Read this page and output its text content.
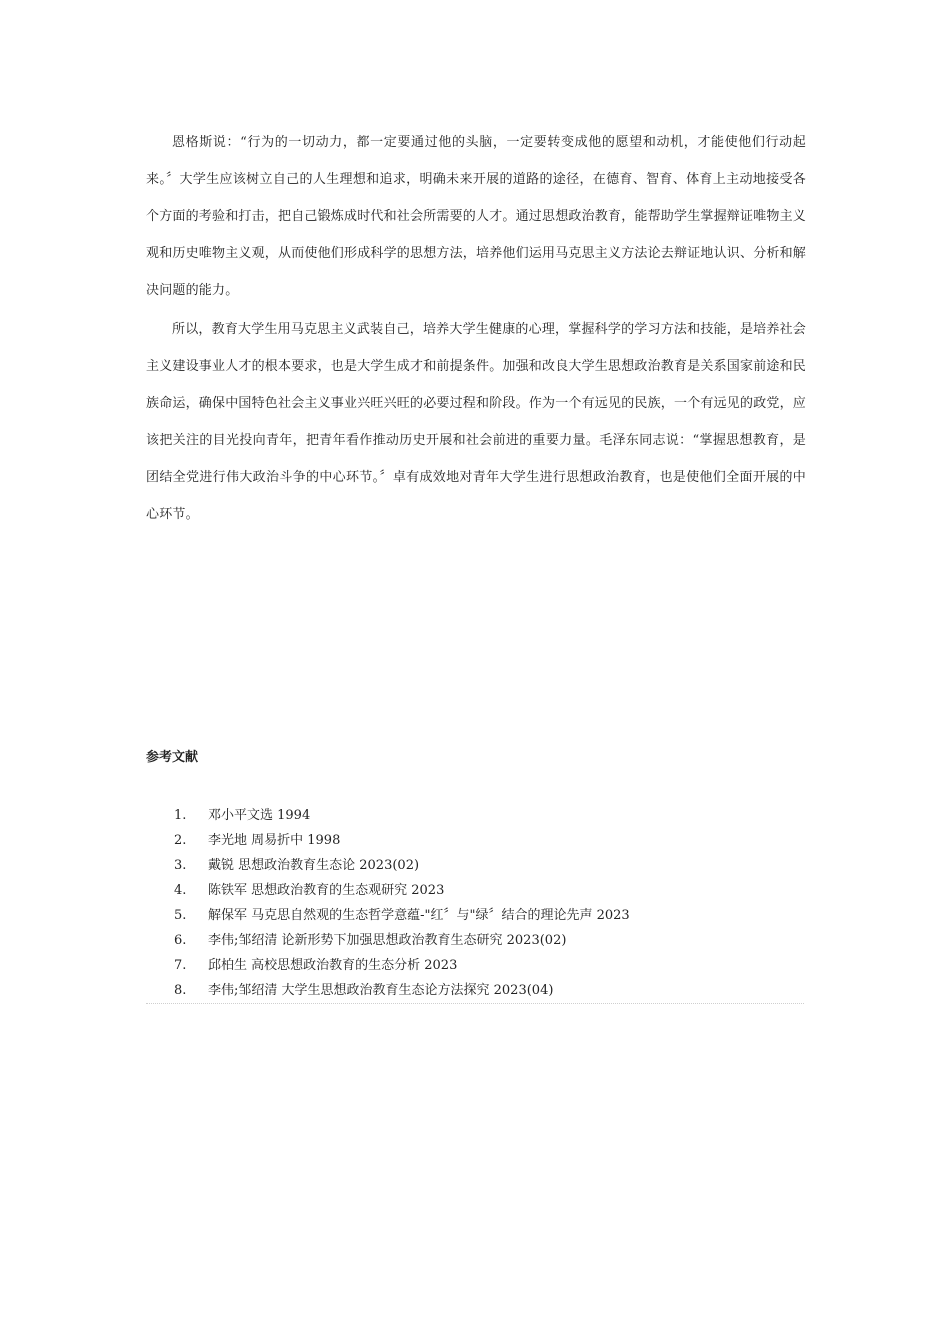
恩格斯说：“行为的一切动力，都一定要通过他的头脑，一定要转变成他的愿望和动机，才能使他们行动起来。〞大学生应该树立自己的人生理想和追求，明确未来开展的道路的途径，在德育、智育、体育上主动地接受各个方面的考验和打击，把自己锻炼成时代和社会所需要的人才。通过思想政治教育，能帮助学生掌握辩证唯物主义观和历史唯物主义观，从而使他们形成科学的思想方法，培养他们运用马克思主义方法论去辩证地认识、分析和解决问题的能力。

所以，教育大学生用马克思主义武装自己，培养大学生健康的心理，掌握科学的学习方法和技能，是培养社会主义建设事业人才的根本要求，也是大学生成才和前提条件。加强和改良大学生思想政治教育是关系国家前途和民族命运，确保中国特色社会主义事业兴旺兴旺的必要过程和阶段。作为一个有远见的民族，一个有远见的政党，应该把关注的目光投向青年，把青年看作推动历史开展和社会前进的重要力量。毛泽东同志说：“掌握思想教育，是团结全党进行伟大政治斗争的中心环节。〞卓有成效地对青年大学生进行思想政治教育，也是使他们全面开展的中心环节。

参考文献
1.	邓小平文选 1994
2.	李光地 周易折中 1998
3.	戴锐 思想政治教育生态论 2023(02)
4.	陈铁军 思想政治教育的生态观研究 2023
5.	解保军 马克思自然观的生态哲学意蕴-"红〞与"绿〞结合的理论先声 2023
6.	李伟;邹绍清 论新形势下加强思想政治教育生态研究 2023(02)
7.	邱柏生 高校思想政治教育的生态分析 2023
8.	李伟;邹绍清 大学生思想政治教育生态论方法探究 2023(04)
